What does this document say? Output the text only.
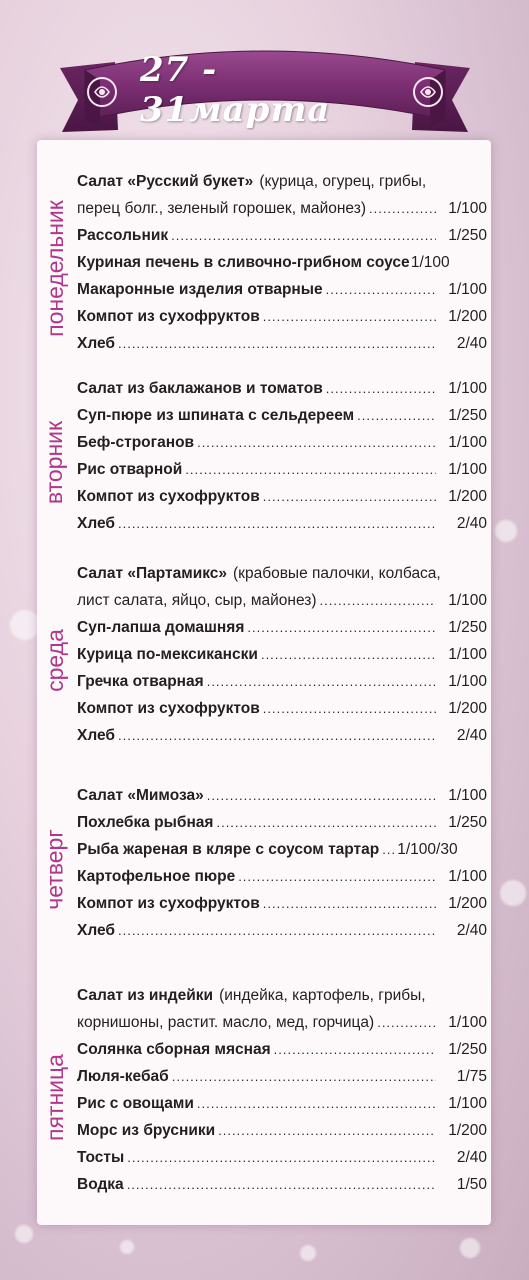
понедельник
Салат «Русский букет» (курица, огурец, грибы,
перец болг., зеленый горошек, майонез) .....	1/100
Рассольник .....	1/250
Куриная печень в сливочно-грибном соусе 1/100
Макаронные изделия отварные .....	1/100
Компот из сухофруктов .....	1/200
Хлеб .....	2/40
вторник
Салат из баклажанов и томатов .....	1/100
Суп-пюре из шпината с сельдереем .....	1/250
Беф-строганов .....	1/100
Рис отварной .....	1/100
Компот из сухофруктов .....	1/200
Хлеб .....	2/40
среда
Салат «Партамикс» (крабовые палочки, колбаса,
лист салата, яйцо, сыр, майонез) .....	1/100
Суп-лапша домашняя .....	1/250
Курица по-мексикански .....	1/100
Гречка отварная .....	1/100
Компот из сухофруктов .....	1/200
Хлеб .....	2/40
четверг
Салат «Мимоза» .....	1/100
Похлебка рыбная .....	1/250
Рыба жареная в кляре с соусом тартар ..... 1/100/30
Картофельное пюре .....	1/100
Компот из сухофруктов .....	1/200
Хлеб .....	2/40
пятница
Салат из индейки (индейка, картофель, грибы,
корнишоны, растит. масло, мед, горчица) .....	1/100
Солянка сборная мясная .....	1/250
Люля-кебаб .....	1/75
Рис с овощами .....	1/100
Морс из брусники .....	1/200
Тосты .....	2/40
Водка .....	1/50
27 - 31марта
